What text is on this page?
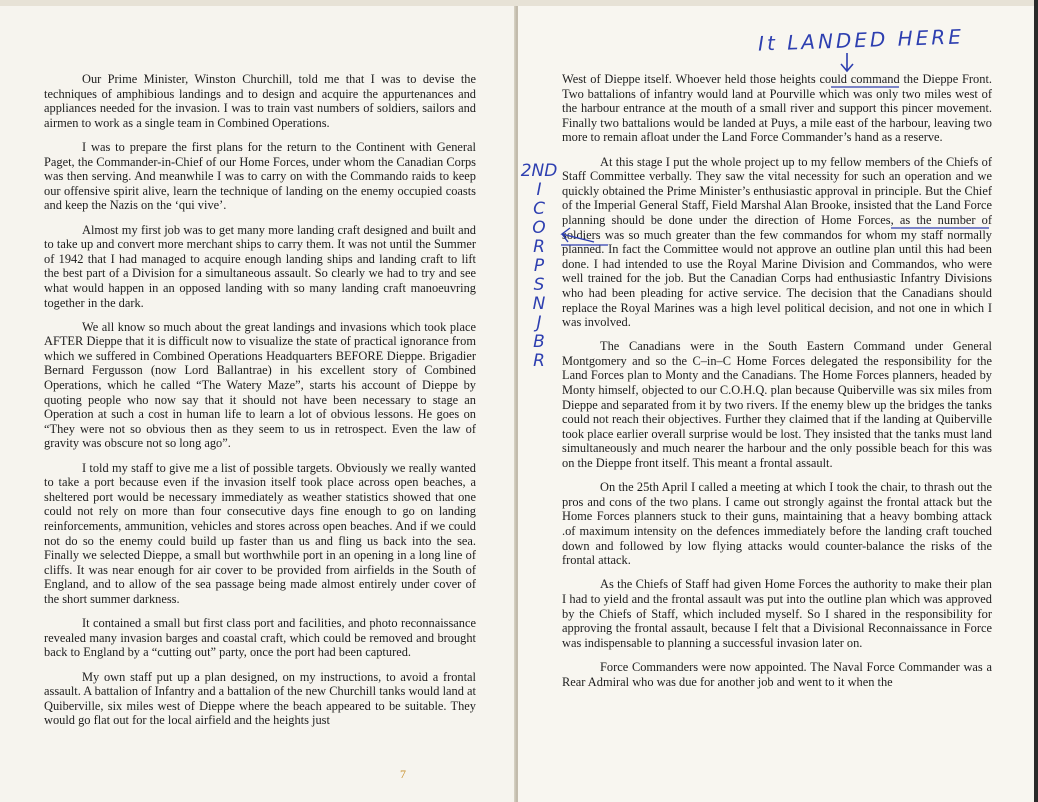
Our Prime Minister, Winston Churchill, told me that I was to devise the techniques of amphibious landings and to design and acquire the appurtenances and appliances needed for the invasion. I was to train vast numbers of soldiers, sailors and airmen to work as a single team in Combined Operations.

I was to prepare the first plans for the return to the Continent with General Paget, the Commander-in-Chief of our Home Forces, under whom the Canadian Corps was then serving. And meanwhile I was to carry on with the Commando raids to keep our offensive spirit alive, learn the technique of landing on the enemy occupied coasts and keep the Nazis on the ‘qui vive’.

Almost my first job was to get many more landing craft designed and built and to take up and convert more merchant ships to carry them. It was not until the Summer of 1942 that I had managed to acquire enough landing ships and landing craft to lift the best part of a Division for a simultaneous assault. So clearly we had to try and see what would happen in an opposed landing with so many landing craft manoeuvring together in the dark.

We all know so much about the great landings and invasions which took place AFTER Dieppe that it is difficult now to visualize the state of practical ignorance from which we suffered in Combined Operations Headquarters BEFORE Dieppe. Brigadier Bernard Fergusson (now Lord Ballantrae) in his excellent story of Combined Operations, which he called “The Watery Maze”, starts his account of Dieppe by quoting people who now say that it should not have been necessary to stage an Operation at such a cost in human life to learn a lot of obvious lessons. He goes on “They were not so obvious then as they seem to us in retrospect. Even the law of gravity was obscure not so long ago”.

I told my staff to give me a list of possible targets. Obviously we really wanted to take a port because even if the invasion itself took place across open beaches, a sheltered port would be necessary immediately as weather statistics showed that one could not rely on more than four consecutive days fine enough to go on landing reinforcements, ammunition, vehicles and stores across open beaches. And if we could not do so the enemy could build up faster than us and fling us back into the sea. Finally we selected Dieppe, a small but worthwhile port in an opening in a long line of cliffs. It was near enough for air cover to be provided from airfields in the South of England, and to allow of the sea passage being made almost entirely under cover of the short summer darkness.

It contained a small but first class port and facilities, and photo reconnaissance revealed many invasion barges and coastal craft, which could be removed and brought back to England by a “cutting out” party, once the port had been captured.

My own staff put up a plan designed, on my instructions, to avoid a frontal assault. A battalion of Infantry and a battalion of the new Churchill tanks would land at Quiberville, six miles west of Dieppe where the beach appeared to be suitable. They would go flat out for the local airfield and the heights just

7

West of Dieppe itself. Whoever held those heights could command the Dieppe Front. Two battalions of infantry would land at Pourville which was only two miles west of the harbour entrance at the mouth of a small river and support this pincer movement. Finally two battalions would be landed at Puys, a mile east of the harbour, leaving two more to remain afloat under the Land Force Commander’s hand as a reserve.

At this stage I put the whole project up to my fellow members of the Chiefs of Staff Committee verbally. They saw the vital necessity for such an operation and we quickly obtained the Prime Minister’s enthusiastic approval in principle. But the Chief of the Imperial General Staff, Field Marshal Alan Brooke, insisted that the Land Force planning should be done under the direction of Home Forces, as the number of soldiers was so much greater than the few commandos for whom my staff normally planned. In fact the Committee would not approve an outline plan until this had been done. I had intended to use the Royal Marine Division and Commandos, who were well trained for the job. But the Canadian Corps had enthusiastic Infantry Divisions who had been pleading for active service. The decision that the Canadians should replace the Royal Marines was a high level political decision, and not one in which I was involved.

The Canadians were in the South Eastern Command under General Montgomery and so the C–in–C Home Forces delegated the responsibility for the Land Forces plan to Monty and the Canadians. The Home Forces planners, headed by Monty himself, objected to our C.O.H.Q. plan because Quiberville was six miles from Dieppe and separated from it by two rivers. If the enemy blew up the bridges the tanks could not reach their objectives. Further they claimed that if the landing at Quiberville took place earlier overall surprise would be lost. They insisted that the tanks must land simultaneously and much nearer the harbour and the only possible beach for this was on the Dieppe front itself. This meant a frontal assault.

On the 25th April I called a meeting at which I took the chair, to thrash out the pros and cons of the two plans. I came out strongly against the frontal attack but the Home Forces planners stuck to their guns, maintaining that a heavy bombing attack .of maximum intensity on the defences immediately before the landing craft touched down and followed by low flying attacks would counter-balance the risks of the frontal attack.

As the Chiefs of Staff had given Home Forces the authority to make their plan I had to yield and the frontal assault was put into the outline plan which was approved by the Chiefs of Staff, which included myself. So I shared in the responsibility for approving the frontal assault, because I felt that a Divisional Reconnaissance in Force was indispensable to planning a successful invasion later on.

Force Commanders were now appointed. The Naval Force Commander was a Rear Admiral who was due for another job and went to it when the

It LANDED HERE
2ND
I
C
O
R
P
S
N
J
B
R
